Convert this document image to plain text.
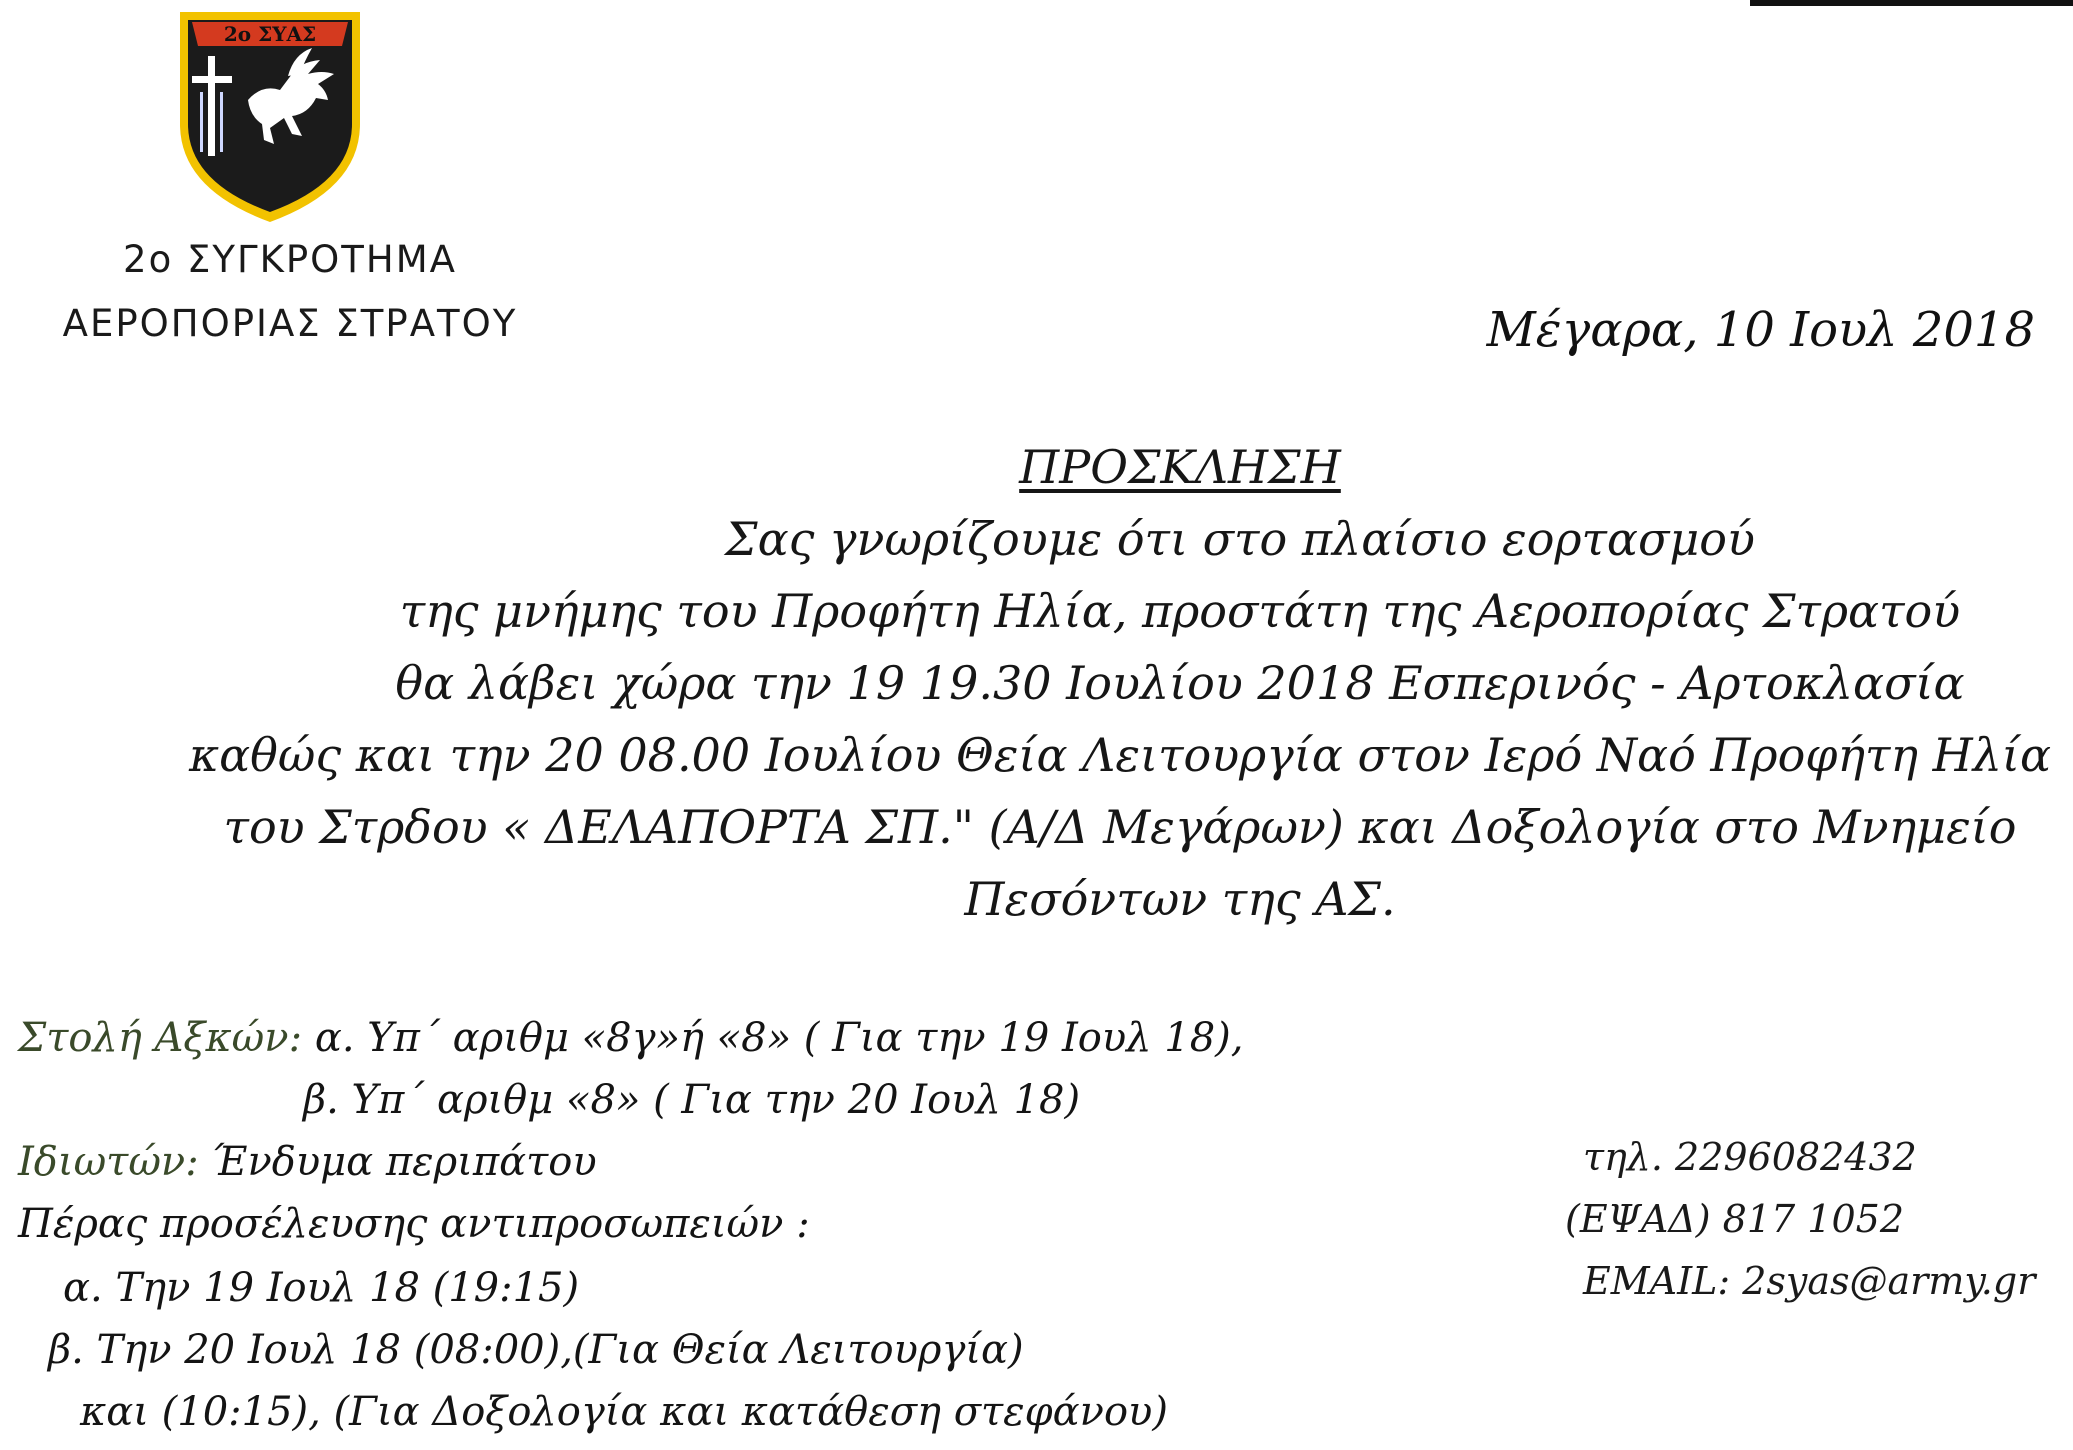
2ο ΣΥΑΣ
2ο ΣΥΓΚΡΟΤΗΜΑ
ΑΕΡΟΠΟΡΙΑΣ ΣΤΡΑΤΟΥ	Μέγαρα, 10 Ιουλ 2018
ΠΡΟΣΚΛΗΣΗ
Σας γνωρίζουμε ότι στο πλαίσιο εορτασμού
της μνήμης του Προφήτη Ηλία, προστάτη της Αεροπορίας Στρατού
θα λάβει χώρα την 19 19.30 Ιουλίου 2018 Εσπερινός - Αρτοκλασία
καθώς και την 20 08.00 Ιουλίου Θεία Λειτουργία στον Ιερό Ναό Προφήτη Ηλία
του Στρδου « ΔΕΛΑΠΟΡΤΑ ΣΠ." (Α/Δ Μεγάρων) και Δοξολογία στο Μνημείο
Πεσόντων της ΑΣ.
Στολή Αξκών: α. Υπ΄ αριθμ «8γ»ή «8» ( Για την 19 Ιουλ 18),
β. Υπ΄ αριθμ «8» ( Για την 20 Ιουλ 18)
Ιδιωτών: Ένδυμα περιπάτου
Πέρας προσέλευσης αντιπροσωπειών :
α. Την 19 Ιουλ 18 (19:15)
β. Την 20 Ιουλ 18 (08:00),(Για Θεία Λειτουργία)
και (10:15), (Για Δοξολογία και κατάθεση στεφάνου)
τηλ. 2296082432
(ΕΨΑΔ) 817 1052
EMAIL: 2syas@army.gr
